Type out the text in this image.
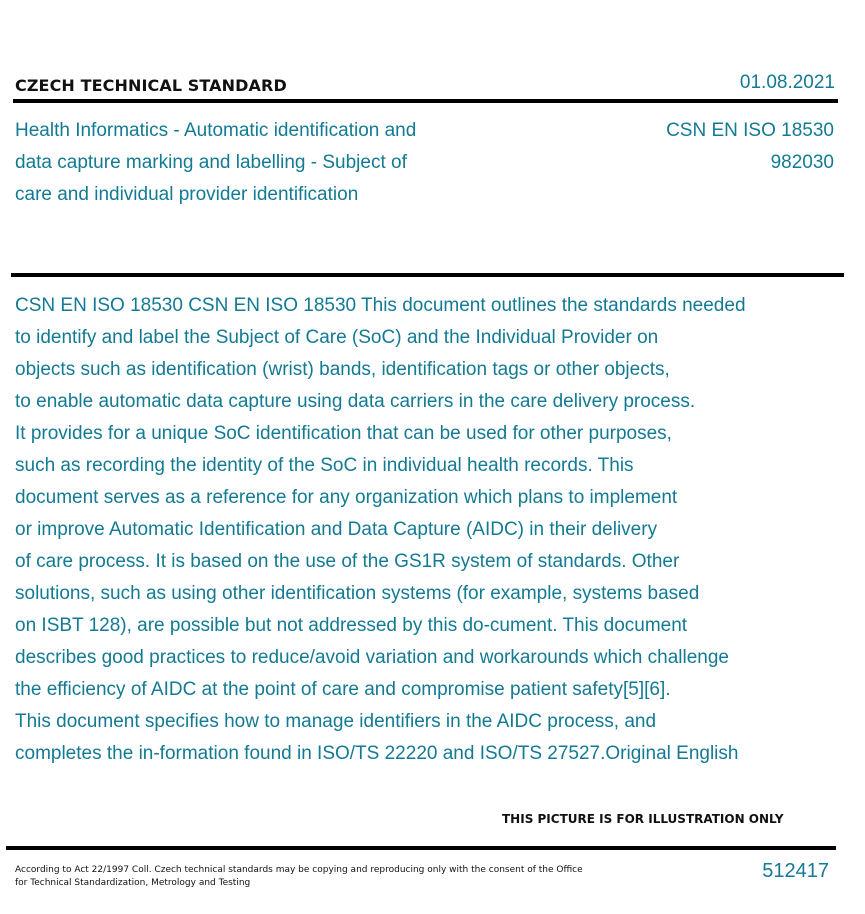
CZECH TECHNICAL STANDARD	01.08.2021
Health Informatics - Automatic identification and
data capture marking and labelling - Subject of
care and individual provider identification
CSN EN ISO 18530
982030
CSN EN ISO 18530 CSN EN ISO 18530 This document outlines the standards needed
to identify and label the Subject of Care (SoC) and the Individual Provider on
objects such as identification (wrist) bands, identification tags or other objects,
to enable automatic data capture using data carriers in the care delivery process.
It provides for a unique SoC identification that can be used for other purposes,
such as recording the identity of the SoC in individual health records. This
document serves as a reference for any organization which plans to implement
or improve Automatic Identification and Data Capture (AIDC) in their delivery
of care process. It is based on the use of the GS1R system of standards. Other
solutions, such as using other identification systems (for example, systems based
on ISBT 128), are possible but not addressed by this do-cument. This document
describes good practices to reduce/avoid variation and workarounds which challenge
the efficiency of AIDC at the point of care and compromise patient safety[5][6].
This document specifies how to manage identifiers in the AIDC process, and
completes the in-formation found in ISO/TS 22220 and ISO/TS 27527.Original English
THIS PICTURE IS FOR ILLUSTRATION ONLY
According to Act 22/1997 Coll. Czech technical standards may be copying and reproducing only with the consent of the Office
for Technical Standardization, Metrology and Testing
512417
